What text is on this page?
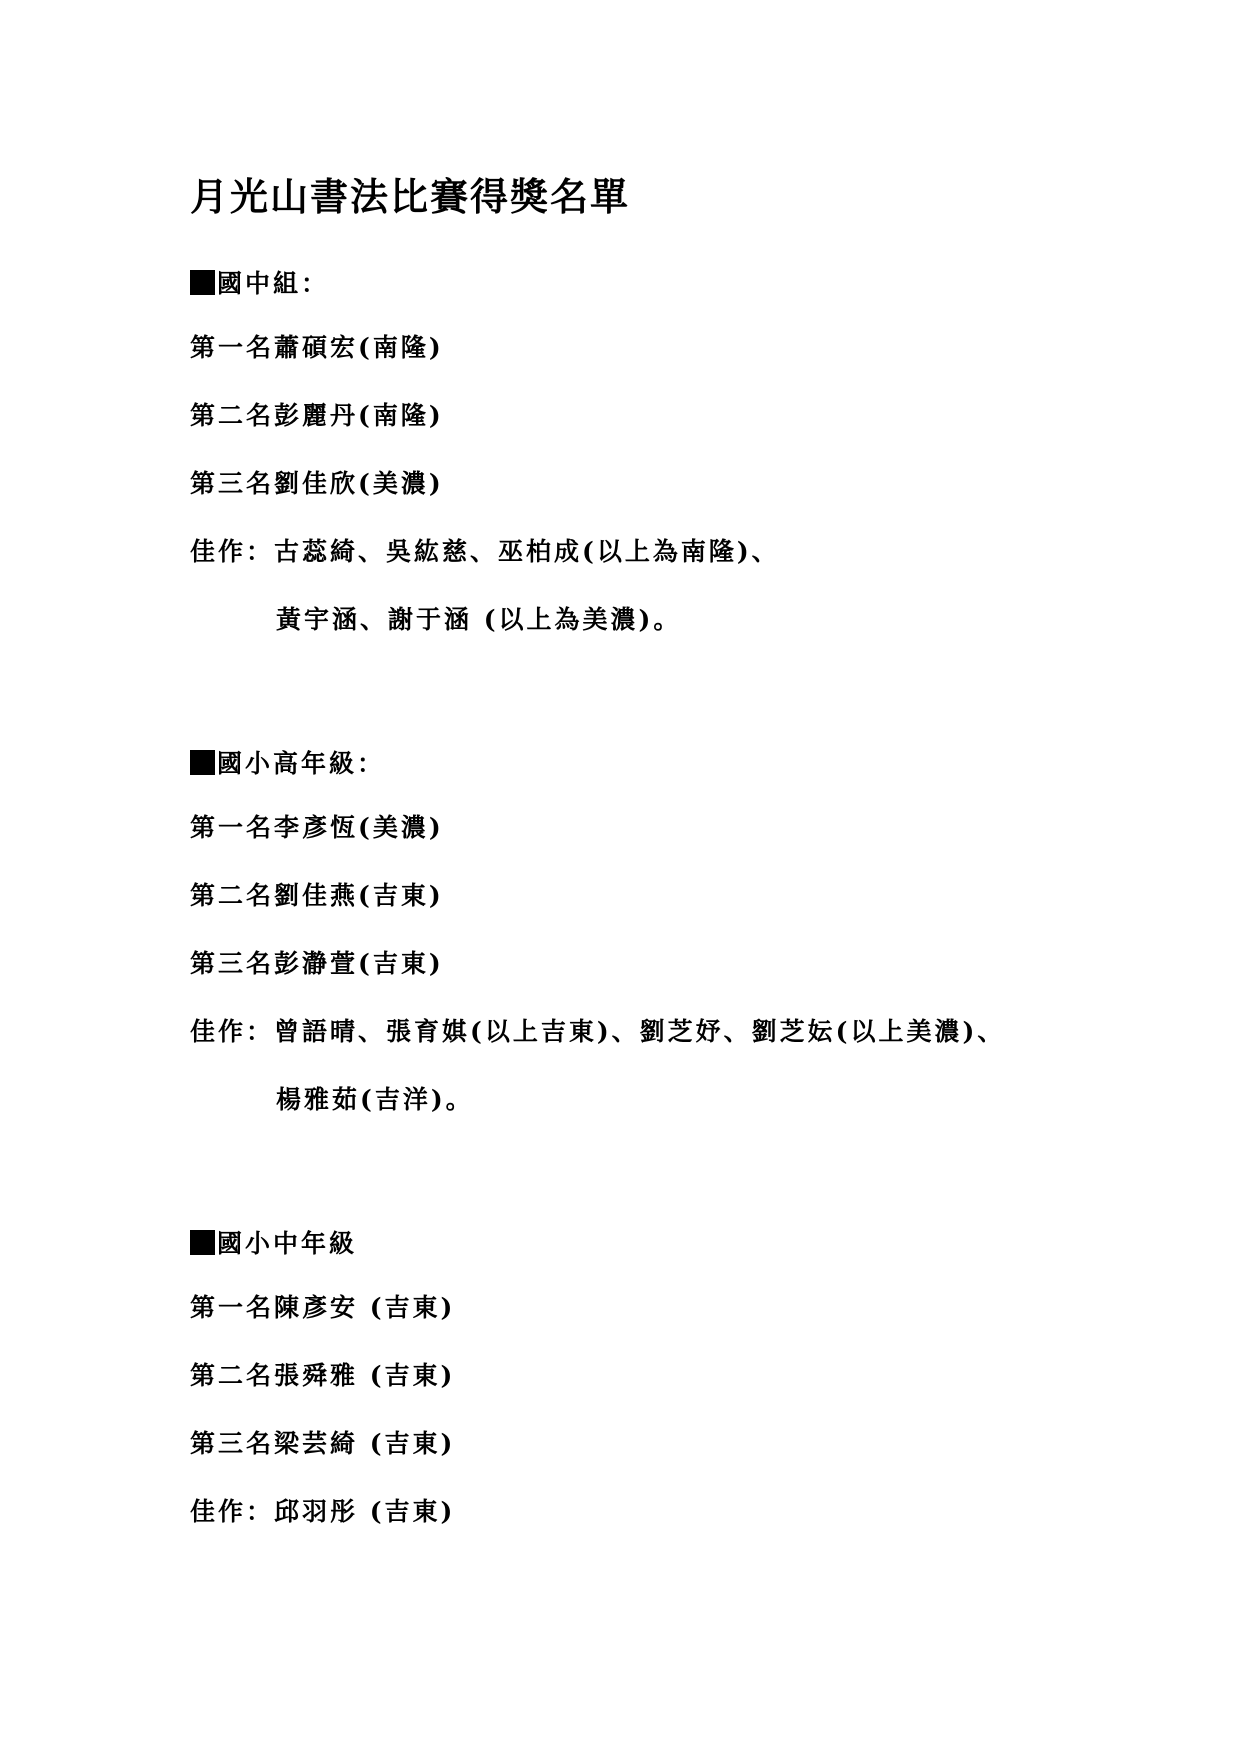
月光山書法比賽得獎名單
國中組：
第一名蕭碩宏(南隆)
第二名彭麗丹(南隆)
第三名劉佳欣(美濃)
佳作：古蕊綺、吳紘慈、巫柏成(以上為南隆)、
黃宇涵、謝于涵 (以上為美濃)。
國小高年級：
第一名李彥恆(美濃)
第二名劉佳燕(吉東)
第三名彭瀞萱(吉東)
佳作：曾語晴、張育娸(以上吉東)、劉芝妤、劉芝妘(以上美濃)、
楊雅茹(吉洋)。
國小中年級
第一名陳彥安 (吉東)
第二名張舜雅 (吉東)
第三名梁芸綺 (吉東)
佳作：邱羽彤 (吉東)
